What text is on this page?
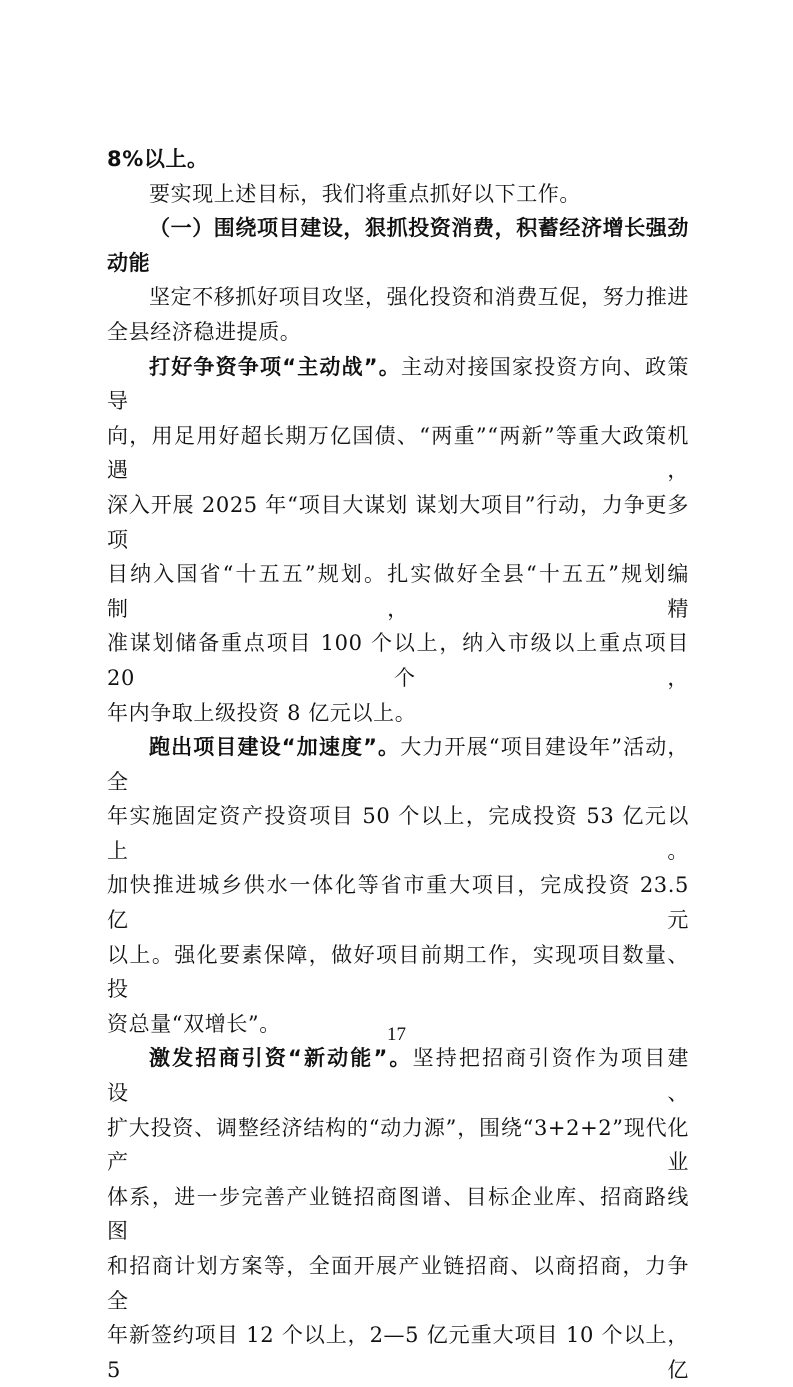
8%以上。

要实现上述目标，我们将重点抓好以下工作。

（一）围绕项目建设，狠抓投资消费，积蓄经济增长强劲

动能

坚定不移抓好项目攻坚，强化投资和消费互促，努力推进

全县经济稳进提质。

打好争资争项“主动战”。主动对接国家投资方向、政策导

向，用足用好超长期万亿国债、“两重”“两新”等重大政策机遇，

深入开展 2025 年“项目大谋划 谋划大项目”行动，力争更多项

目纳入国省“十五五”规划。扎实做好全县“十五五”规划编制，精

准谋划储备重点项目 100 个以上，纳入市级以上重点项目 20 个，

年内争取上级投资 8 亿元以上。

跑出项目建设“加速度”。大力开展“项目建设年”活动，全

年实施固定资产投资项目 50 个以上，完成投资 53 亿元以上。

加快推进城乡供水一体化等省市重大项目，完成投资 23.5 亿元

以上。强化要素保障，做好项目前期工作，实现项目数量、投

资总量“双增长”。

激发招商引资“新动能”。坚持把招商引资作为项目建设、

扩大投资、调整经济结构的“动力源”，围绕“3+2+2”现代化产业

体系，进一步完善产业链招商图谱、目标企业库、招商路线图

和招商计划方案等，全面开展产业链招商、以商招商，力争全

年新签约项目 12 个以上，2—5 亿元重大项目 10 个以上，5 亿

17
